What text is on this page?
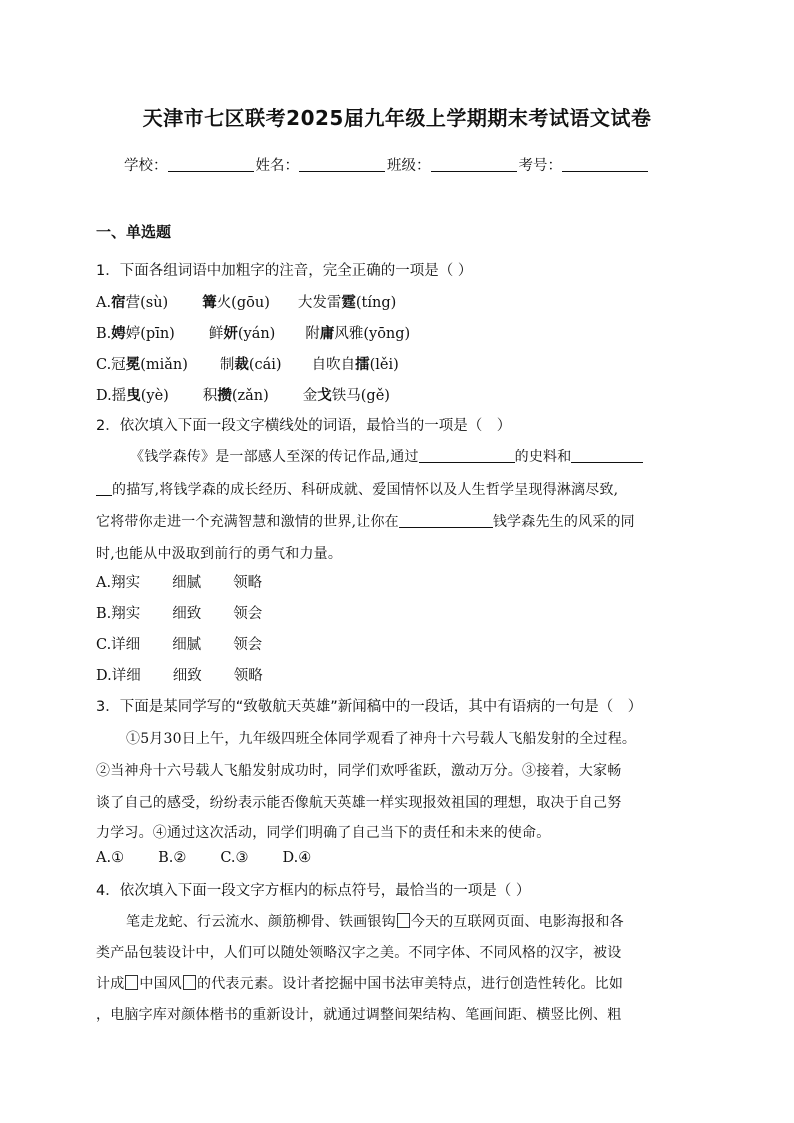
天津市七区联考2025届九年级上学期期末考试语文试卷
学校：	姓名：	班级：	考号：
一、单选题
1．下面各组词语中加粗字的注音，完全正确的一项是（ ）
A.宿营(sù) 篝火(gōu) 大发雷霆(tíng)
B.娉婷(pīn) 鲜妍(yán) 附庸风雅(yōng)
C.冠冕(miǎn) 制裁(cái) 自吹自擂(lěi)
D.摇曳(yè) 积攒(zǎn) 金戈铁马(gě)
2．依次填入下面一段文字横线处的词语，最恰当的一项是（　）
《钱学森传》是一部感人至深的传记作品,通过	的史料和
的描写,将钱学森的成长经历、科研成就、爱国情怀以及人生哲学呈现得淋漓尽致,
它将带你走进一个充满智慧和激情的世界,让你在	钱学森先生的风采的同
时,也能从中汲取到前行的勇气和力量。
A.翔实 细腻 领略
B.翔实 细致 领会
C.详细 细腻 领会
D.详细 细致 领略
3．下面是某同学写的“致敬航天英雄”新闻稿中的一段话，其中有语病的一句是（　）
①5月30日上午，九年级四班全体同学观看了神舟十六号载人飞船发射的全过程。
②当神舟十六号载人飞船发射成功时，同学们欢呼雀跃，激动万分。③接着，大家畅
谈了自己的感受，纷纷表示能否像航天英雄一样实现报效祖国的理想，取决于自己努
力学习。④通过这次活动，同学们明确了自己当下的责任和未来的使命。
A.① B.② C.③ D.④
4．依次填入下面一段文字方框内的标点符号，最恰当的一项是（ ）
笔走龙蛇、行云流水、颜筋柳骨、铁画银钩 今天的互联网页面、电影海报和各
类产品包装设计中，人们可以随处领略汉字之美。不同字体、不同风格的汉字，被设
计成 中国风 的代表元素。设计者挖掘中国书法审美特点，进行创造性转化。比如
，电脑字库对颜体楷书的重新设计，就通过调整间架结构、笔画间距、横竖比例、粗
